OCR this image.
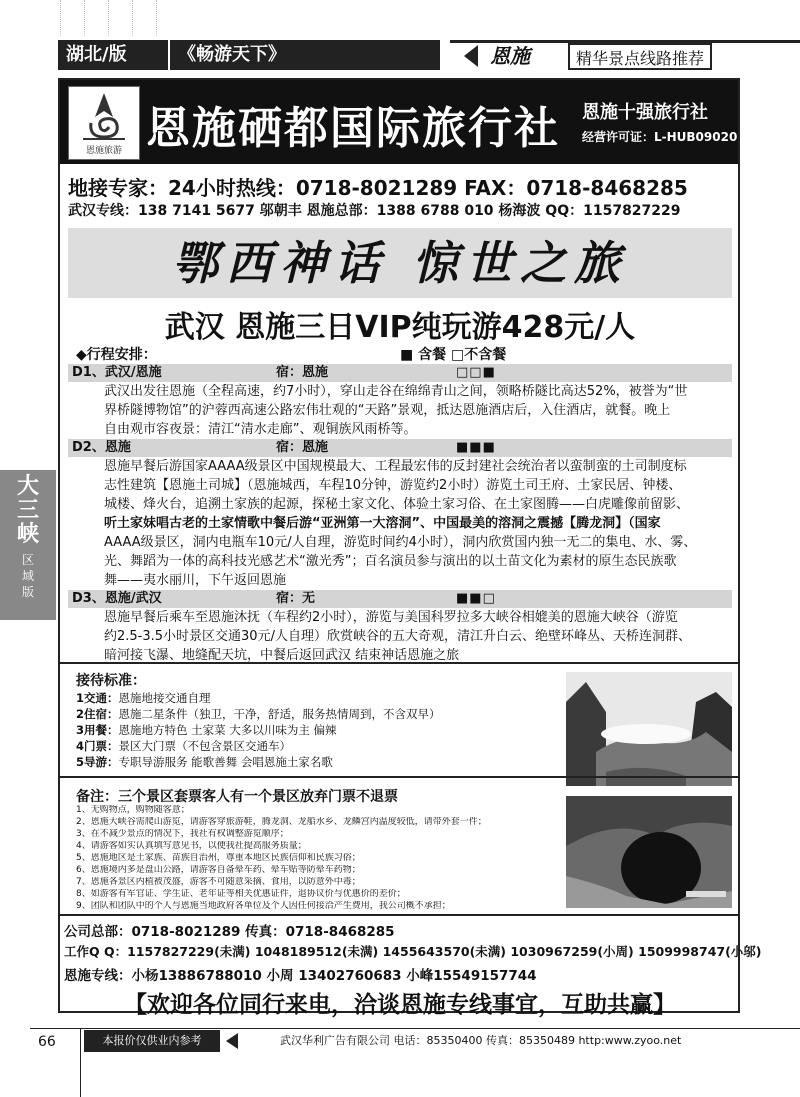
湖北/版	《畅游天下》	恩施	精华景点线路推荐
恩施旅游 恩施硒都国际旅行社 恩施十强旅行社
经营许可证：L-HUB09020
地接专家：24小时热线：0718-8021289 FAX：0718-8468285
武汉专线：138 7141 5677 邬朝丰 恩施总部：1388 6788 010 杨海波 QQ：1157827229
鄂西神话 惊世之旅
武汉 恩施三日VIP纯玩游428元/人
◆行程安排：	■ 含餐 □不含餐
D1、武汉/恩施	宿：恩施	□□■
武汉出发往恩施（全程高速，约7小时），穿山走谷在绵绵青山之间，领略桥隧比高达52%，被誉为“世
界桥隧博物馆”的沪蓉西高速公路宏伟壮观的“天路”景观，抵达恩施酒店后，入住酒店，就餐。晚上
自由观市容夜景：清江“清水走廊”、观铜族风雨桥等。
D2、恩施	宿：恩施	■■■
恩施早餐后游国家AAAA级景区中国规模最大、工程最宏伟的反封建社会统治者以蛮制蛮的土司制度标
志性建筑【恩施土司城】（恩施城西，车程10分钟，游览约2小时）游览土司王府、土家民居、钟楼、
城楼、烽火台，追溯土家族的起源，探秘土家文化、体验土家习俗、在土家图腾——白虎雕像前留影、
听土家妹唱古老的土家情歌中餐后游“亚洲第一大溶洞”、中国最美的溶洞之震撼【腾龙洞】（国家
AAAA级景区，洞内电瓶车10元/人自理，游览时间约4小时），洞内欣赏国内独一无二的集电、水、雾、
光、舞蹈为一体的高科技光感艺术“激光秀”；百名演员参与演出的以土苗文化为素材的原生态民族歌
舞——夷水丽川，下午返回恩施
D3、恩施/武汉	宿：无	■■□
恩施早餐后乘车至恩施沐抚（车程约2小时），游览与美国科罗拉多大峡谷相媲美的恩施大峡谷（游览
约2.5-3.5小时景区交通30元/人自理）欣赏峡谷的五大奇观，清江升白云、绝壁环峰丛、天桥连洞群、
暗河接飞瀑、地缝配天坑，中餐后返回武汉 结束神话恩施之旅
大三峡
区域版
接待标准：
1交通：恩施地接交通自理
2住宿：恩施二星条件（独卫，干净，舒适，服务热情周到，不含双早）
3用餐：恩施地方特色 土家菜 大多以川味为主 偏辣
4门票：景区大门票（不包含景区交通车）
5导游：专职导游服务 能歌善舞 会唱恩施土家名歌
备注：三个景区套票客人有一个景区放弃门票不退票
1、无购物点，购物随客意；
2、恩施大峡谷需爬山游览，请游客穿旅游鞋，腾龙洞、龙船水乡、龙鳞宫内温度较低，请带外套一件；
3、在不减少景点的情况下，我社有权调整游览顺序；
4、请游客如实认真填写意见书，以便我社提高服务质量；
5、恩施地区是土家族、苗族自治州，尊重本地区民族信仰和民族习俗；
6、恩施境内多是盘山公路，请游客自备晕车药、晕车贴等防晕车药物；
7、恩施各景区内植被茂盛，游客不可随意采摘、食用，以防意外中毒；
8、如游客有军官证、学生证、老年证等相关优惠证件，退协议价与优惠价的差价；
9、团队和团队中的个人与恩施当地政府各单位及个人因任何接洽产生费用，我公司概不承担；
公司总部：0718-8021289 传真：0718-8468285
工作Q Q：1157827229(未满) 1048189512(未满) 1455643570(未满) 1030967259(小周) 1509998747(小邬)
恩施专线：小杨13886788010 小周 13402760683 小峰15549157744
【欢迎各位同行来电，洽谈恩施专线事宜，互助共赢】
66	本报价仅供业内参考	武汉华利广告有限公司 电话：85350400 传真：85350489 http:www.zyoo.net
